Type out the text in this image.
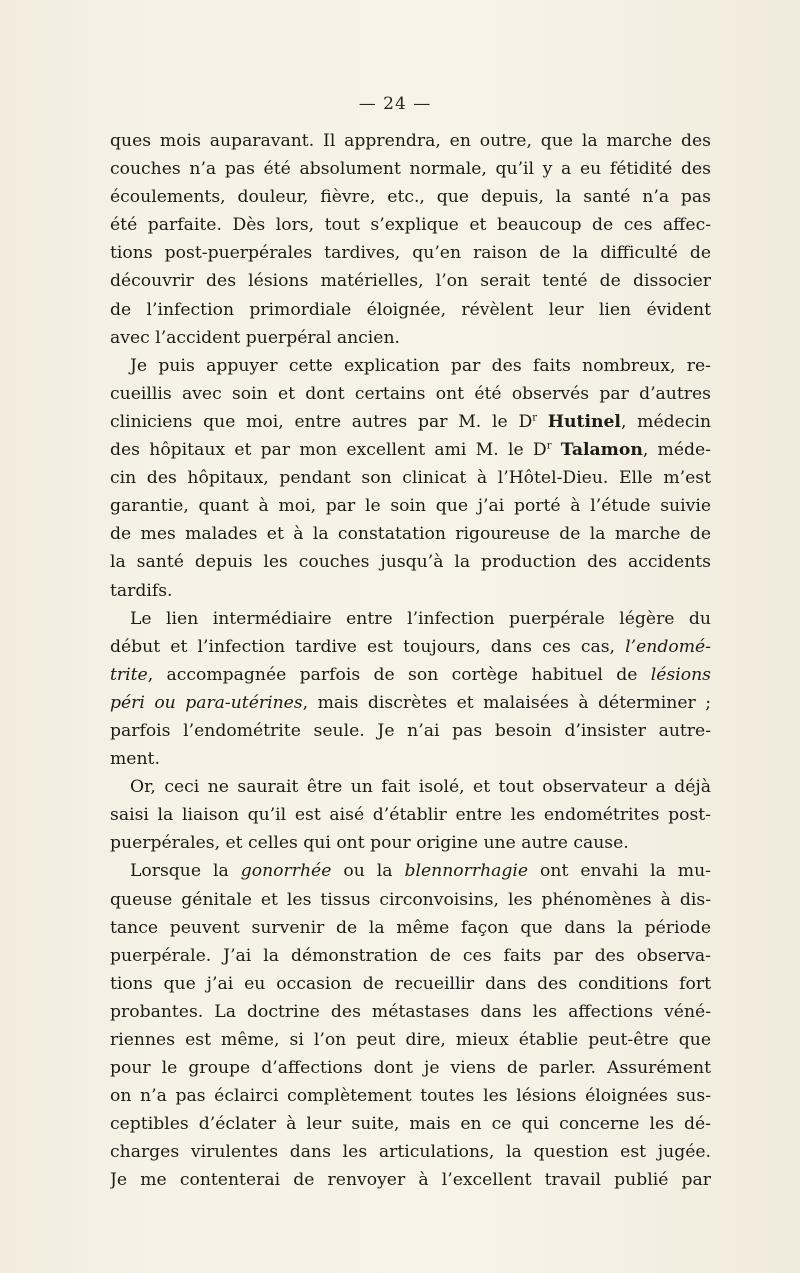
— 24 —
ques mois auparavant. Il apprendra, en outre, que la marche des
couches n’a pas été absolument normale, qu’il y a eu fétidité des
écoulements, douleur, fièvre, etc., que depuis, la santé n’a pas
été parfaite. Dès lors, tout s’explique et beaucoup de ces affec-
tions post-puerpérales tardives, qu’en raison de la difficulté de
découvrir des lésions matérielles, l’on serait tenté de dissocier
de l’infection primordiale éloignée, révèlent leur lien évident
avec l’accident puerpéral ancien.
Je puis appuyer cette explication par des faits nombreux, re-
cueillis avec soin et dont certains ont été observés par d’autres
cliniciens que moi, entre autres par M. le $D^r$ Hutinel, médecin
des hôpitaux et par mon excellent ami M. le $D^r$ Talamon, méde-
cin des hôpitaux, pendant son clinicat à l’Hôtel-Dieu. Elle m’est
garantie, quant à moi, par le soin que j’ai porté à l’étude suivie
de mes malades et à la constatation rigoureuse de la marche de
la santé depuis les couches jusqu’à la production des accidents
tardifs.
Le lien intermédiaire entre l’infection puerpérale légère du
début et l’infection tardive est toujours, dans ces cas, l’endomé-
trite, accompagnée parfois de son cortège habituel de lésions
péri ou para-utérines, mais discrètes et malaisées à déterminer ;
parfois l’endométrite seule. Je n’ai pas besoin d’insister autre-
ment.
Or, ceci ne saurait être un fait isolé, et tout observateur a déjà
saisi la liaison qu’il est aisé d’établir entre les endométrites post-
puerpérales, et celles qui ont pour origine une autre cause.
Lorsque la gonorrhée ou la blennorrhagie ont envahi la mu-
queuse génitale et les tissus circonvoisins, les phénomènes à dis-
tance peuvent survenir de la même façon que dans la période
puerpérale. J’ai la démonstration de ces faits par des observa-
tions que j’ai eu occasion de recueillir dans des conditions fort
probantes. La doctrine des métastases dans les affections véné-
riennes est même, si l’on peut dire, mieux établie peut-être que
pour le groupe d’affections dont je viens de parler. Assurément
on n’a pas éclairci complètement toutes les lésions éloignées sus-
ceptibles d’éclater à leur suite, mais en ce qui concerne les dé-
charges virulentes dans les articulations, la question est jugée.
Je me contenterai de renvoyer à l’excellent travail publié par
